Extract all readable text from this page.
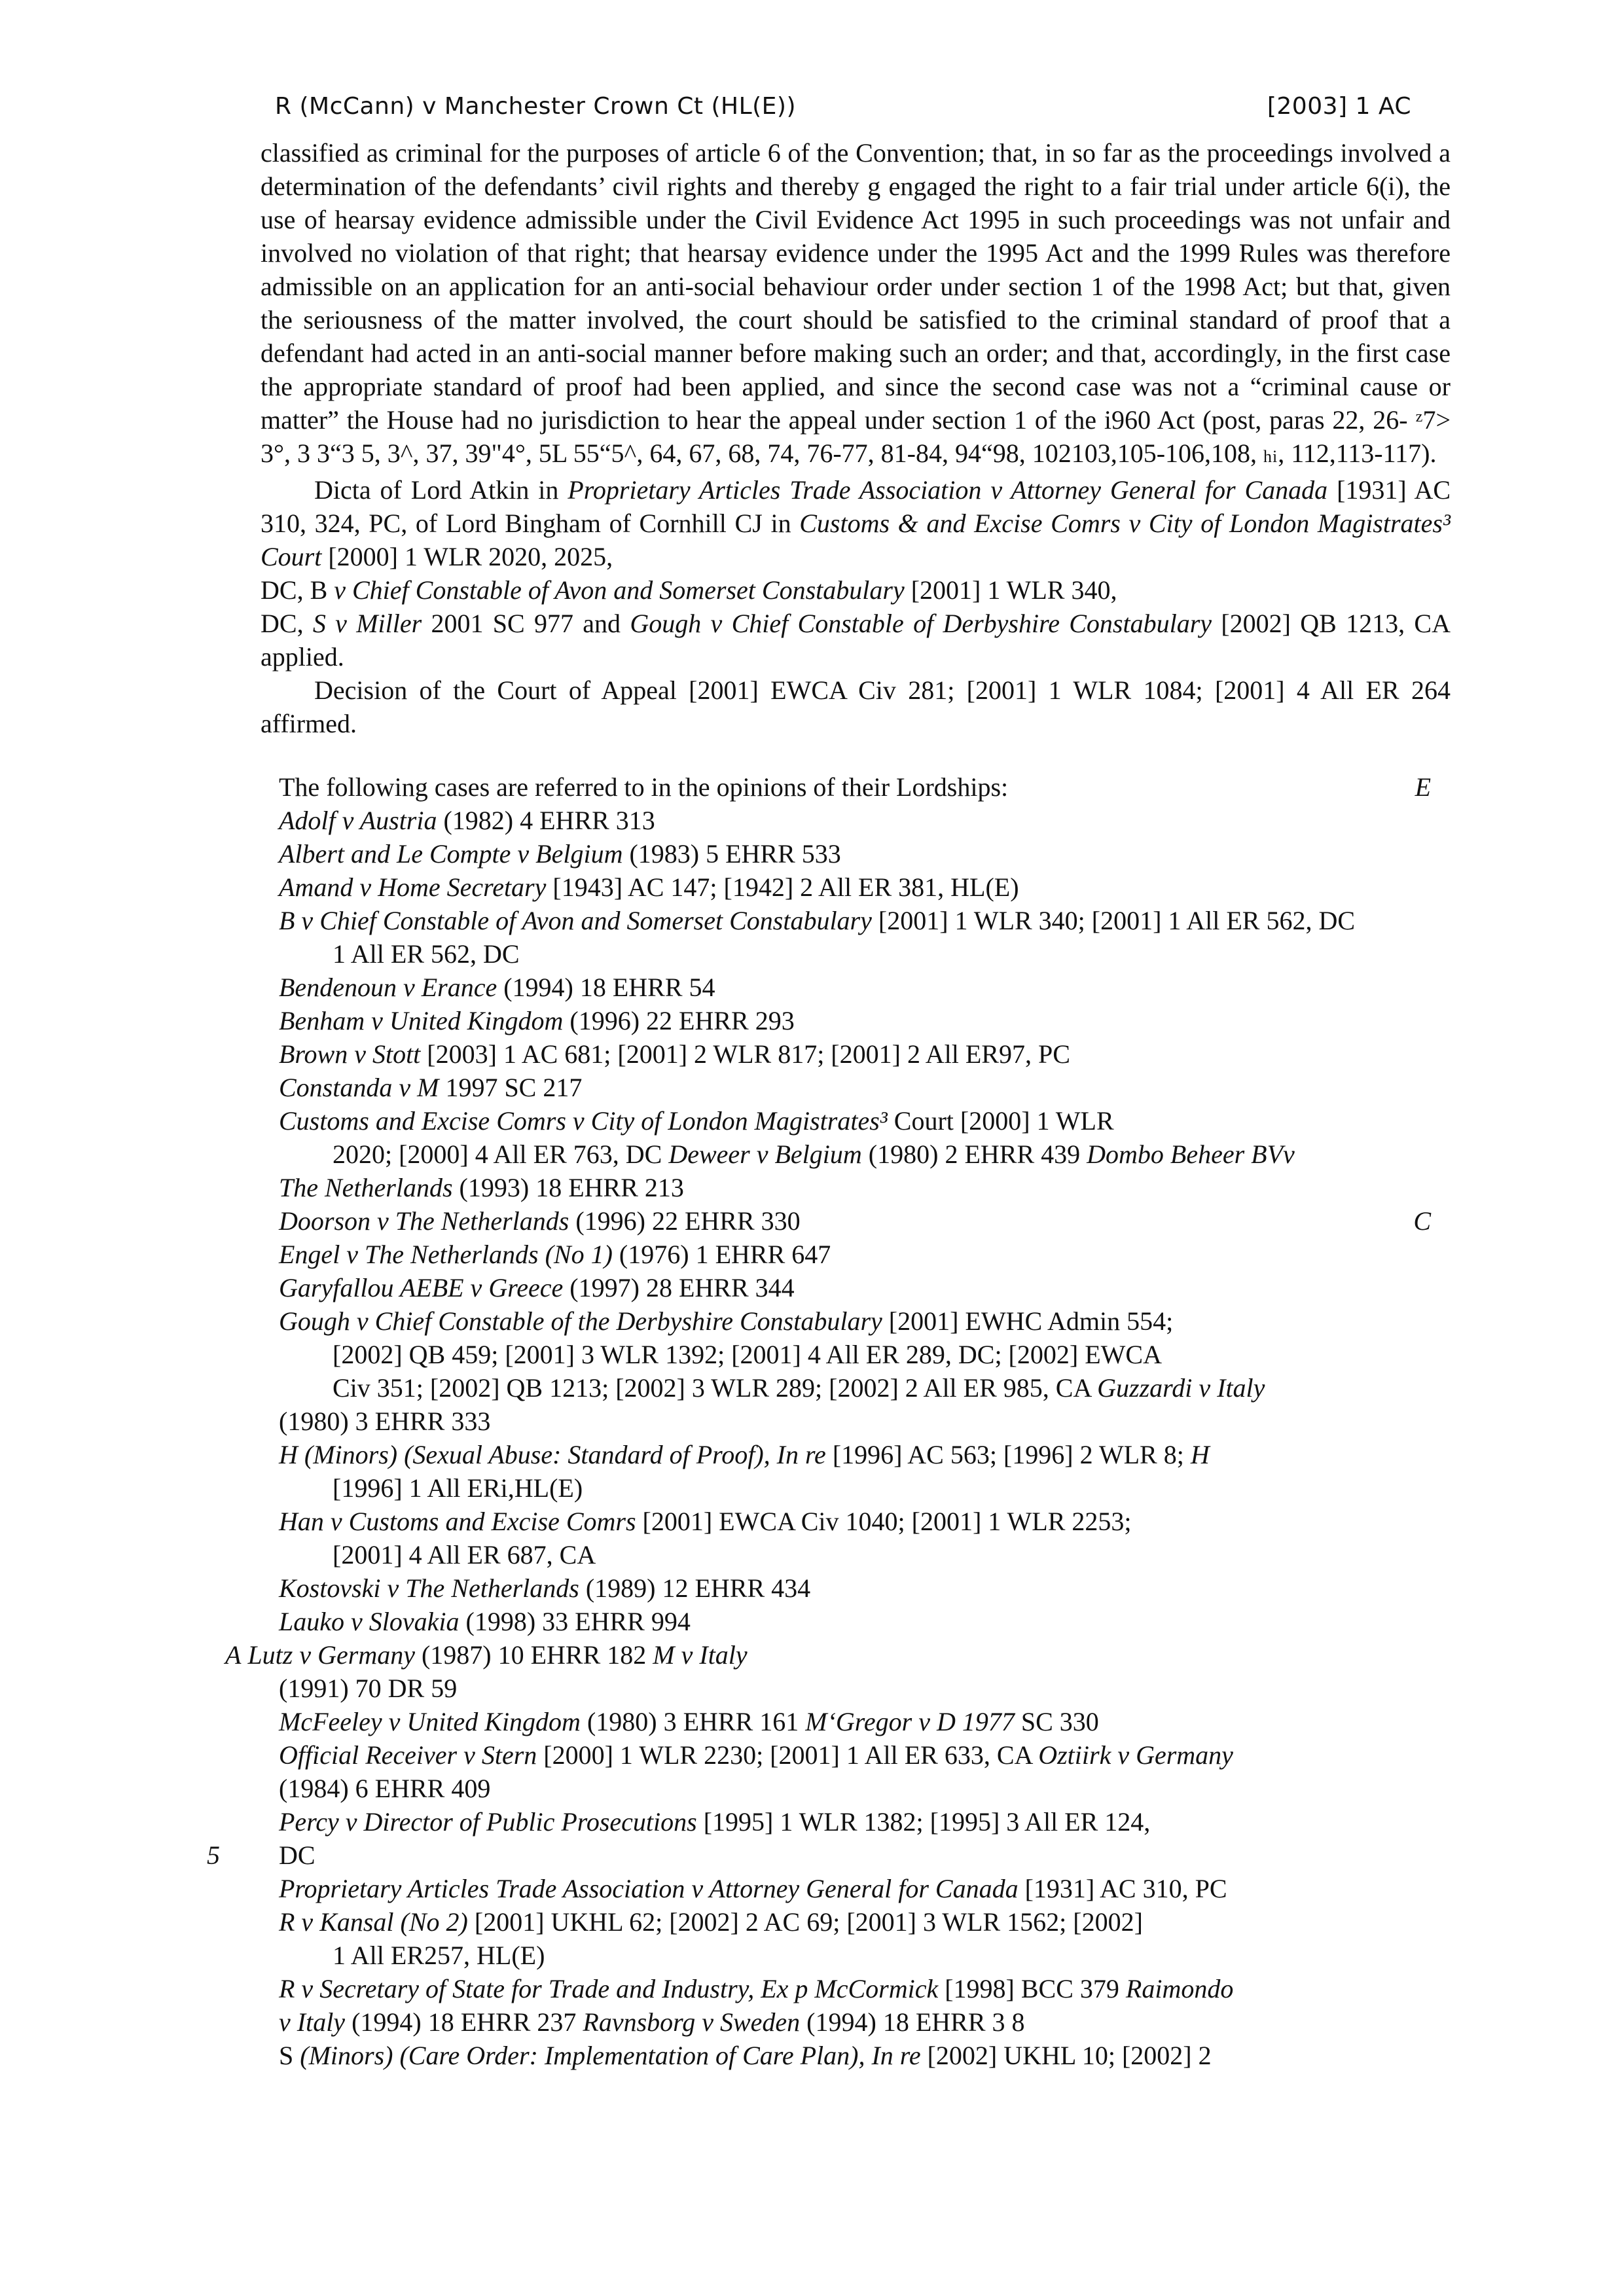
R (McCann) v Manchester Crown Ct (HL(E))	[2003] 1 AC

classified as criminal for the purposes of article 6 of the Convention; that, in so far as the proceedings involved a determination of the defendants’ civil rights and thereby g engaged the right to a fair trial under article 6(i), the use of hearsay evidence admissible under the Civil Evidence Act 1995 in such proceedings was not unfair and involved no violation of that right; that hearsay evidence under the 1995 Act and the 1999 Rules was therefore admissible on an application for an anti-social behaviour order under section 1 of the 1998 Act; but that, given the seriousness of the matter involved, the court should be satisfied to the criminal standard of proof that a defendant had acted in an anti-social manner before making such an order; and that, accordingly, in the first case the appropriate standard of proof had been applied, and since the second case was not a “criminal cause or matter” the House had no jurisdiction to hear the appeal under section 1 of the i960 Act (post, paras 22, 26- ᶻ7> 3°, 3 3“3 5, 3^, 37, 39"4°, 5L 55“5^, 64, 67, 68, 74, 76-77, 81-84, 94“98, 102103,105-106,108, hi, 112,113-117).

Dicta of Lord Atkin in Proprietary Articles Trade Association v Attorney General for Canada [1931] AC 310, 324, PC, of Lord Bingham of Cornhill CJ in Customs & and Excise Comrs v City of London Magistrates³ Court [2000] 1 WLR 2020, 2025,
DC, B v Chief Constable of Avon and Somerset Constabulary [2001] 1 WLR 340,
DC, S v Miller 2001 SC 977 and Gough v Chief Constable of Derbyshire Constabulary [2002] QB 1213, CA applied.

Decision of the Court of Appeal [2001] EWCA Civ 281; [2001] 1 WLR 1084; [2001] 4 All ER 264 affirmed.

The following cases are referred to in the opinions of their Lordships:	E

Adolf v Austria (1982) 4 EHRR 313

Albert and Le Compte v Belgium (1983) 5 EHRR 533

Amand v Home Secretary [1943] AC 147; [1942] 2 All ER 381, HL(E)

B v Chief Constable of Avon and Somerset Constabulary [2001] 1 WLR 340; [2001] 1 All ER 562, DC

1 All ER 562, DC

Bendenoun v Erance (1994) 18 EHRR 54

Benham v United Kingdom (1996) 22 EHRR 293

Brown v Stott [2003] 1 AC 681; [2001] 2 WLR 817; [2001] 2 All ER97, PC

Constanda v M 1997 SC 217

Customs and Excise Comrs v City of London Magistrates³ Court [2000] 1 WLR

2020; [2000] 4 All ER 763, DC Deweer v Belgium (1980) 2 EHRR 439 Dombo Beheer BVv

The Netherlands (1993) 18 EHRR 213

Doorson v The Netherlands (1996) 22 EHRR 330	C

Engel v The Netherlands (No 1) (1976) 1 EHRR 647

Garyfallou AEBE v Greece (1997) 28 EHRR 344

Gough v Chief Constable of the Derbyshire Constabulary [2001] EWHC Admin 554;

[2002] QB 459; [2001] 3 WLR 1392; [2001] 4 All ER 289, DC; [2002] EWCA

Civ 351; [2002] QB 1213; [2002] 3 WLR 289; [2002] 2 All ER 985, CA Guzzardi v Italy

(1980) 3 EHRR 333

H (Minors) (Sexual Abuse: Standard of Proof), In re [1996] AC 563; [1996] 2 WLR 8; H

[1996] 1 All ERi,HL(E)

Han v Customs and Excise Comrs [2001] EWCA Civ 1040; [2001] 1 WLR 2253;

[2001] 4 All ER 687, CA

Kostovski v The Netherlands (1989) 12 EHRR 434

Lauko v Slovakia (1998) 33 EHRR 994

A Lutz v Germany (1987) 10 EHRR 182 M v Italy

(1991) 70 DR 59

McFeeley v United Kingdom (1980) 3 EHRR 161 M‘Gregor v D 1977 SC 330

Official Receiver v Stern [2000] 1 WLR 2230; [2001] 1 All ER 633, CA Oztiirk v Germany

(1984) 6 EHRR 409

Percy v Director of Public Prosecutions [1995] 1 WLR 1382; [1995] 3 All ER 124,

5 DC

Proprietary Articles Trade Association v Attorney General for Canada [1931] AC 310, PC

R v Kansal (No 2) [2001] UKHL 62; [2002] 2 AC 69; [2001] 3 WLR 1562; [2002]

1 All ER257, HL(E)

R v Secretary of State for Trade and Industry, Ex p McCormick [1998] BCC 379 Raimondo

v Italy (1994) 18 EHRR 237 Ravnsborg v Sweden (1994) 18 EHRR 3 8

S (Minors) (Care Order: Implementation of Care Plan), In re [2002] UKHL 10; [2002] 2
